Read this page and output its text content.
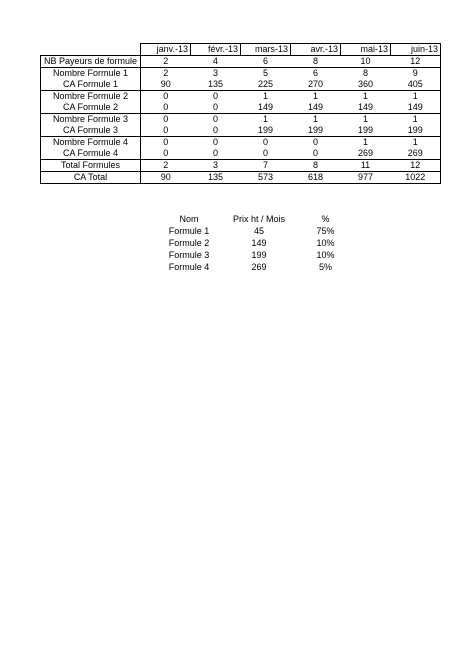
	janv.-13	févr.-13	mars-13	avr.-13	mai-13	juin-13
NB Payeurs de formule	2	4	6	8	10	12
Nombre Formule 1	2	3	5	6	8	9
CA Formule 1	90	135	225	270	360	405
Nombre Formule 2	0	0	1	1	1	1
CA Formule 2	0	0	149	149	149	149
Nombre Formule 3	0	0	1	1	1	1
CA Formule 3	0	0	199	199	199	199
Nombre Formule 4	0	0	0	0	1	1
CA Formule 4	0	0	0	0	269	269
Total Formules	2	3	7	8	11	12
CA Total	90	135	573	618	977	1022
Nom	Prix ht / Mois	%
Formule 1	45	75%
Formule 2	149	10%
Formule 3	199	10%
Formule 4	269	5%
